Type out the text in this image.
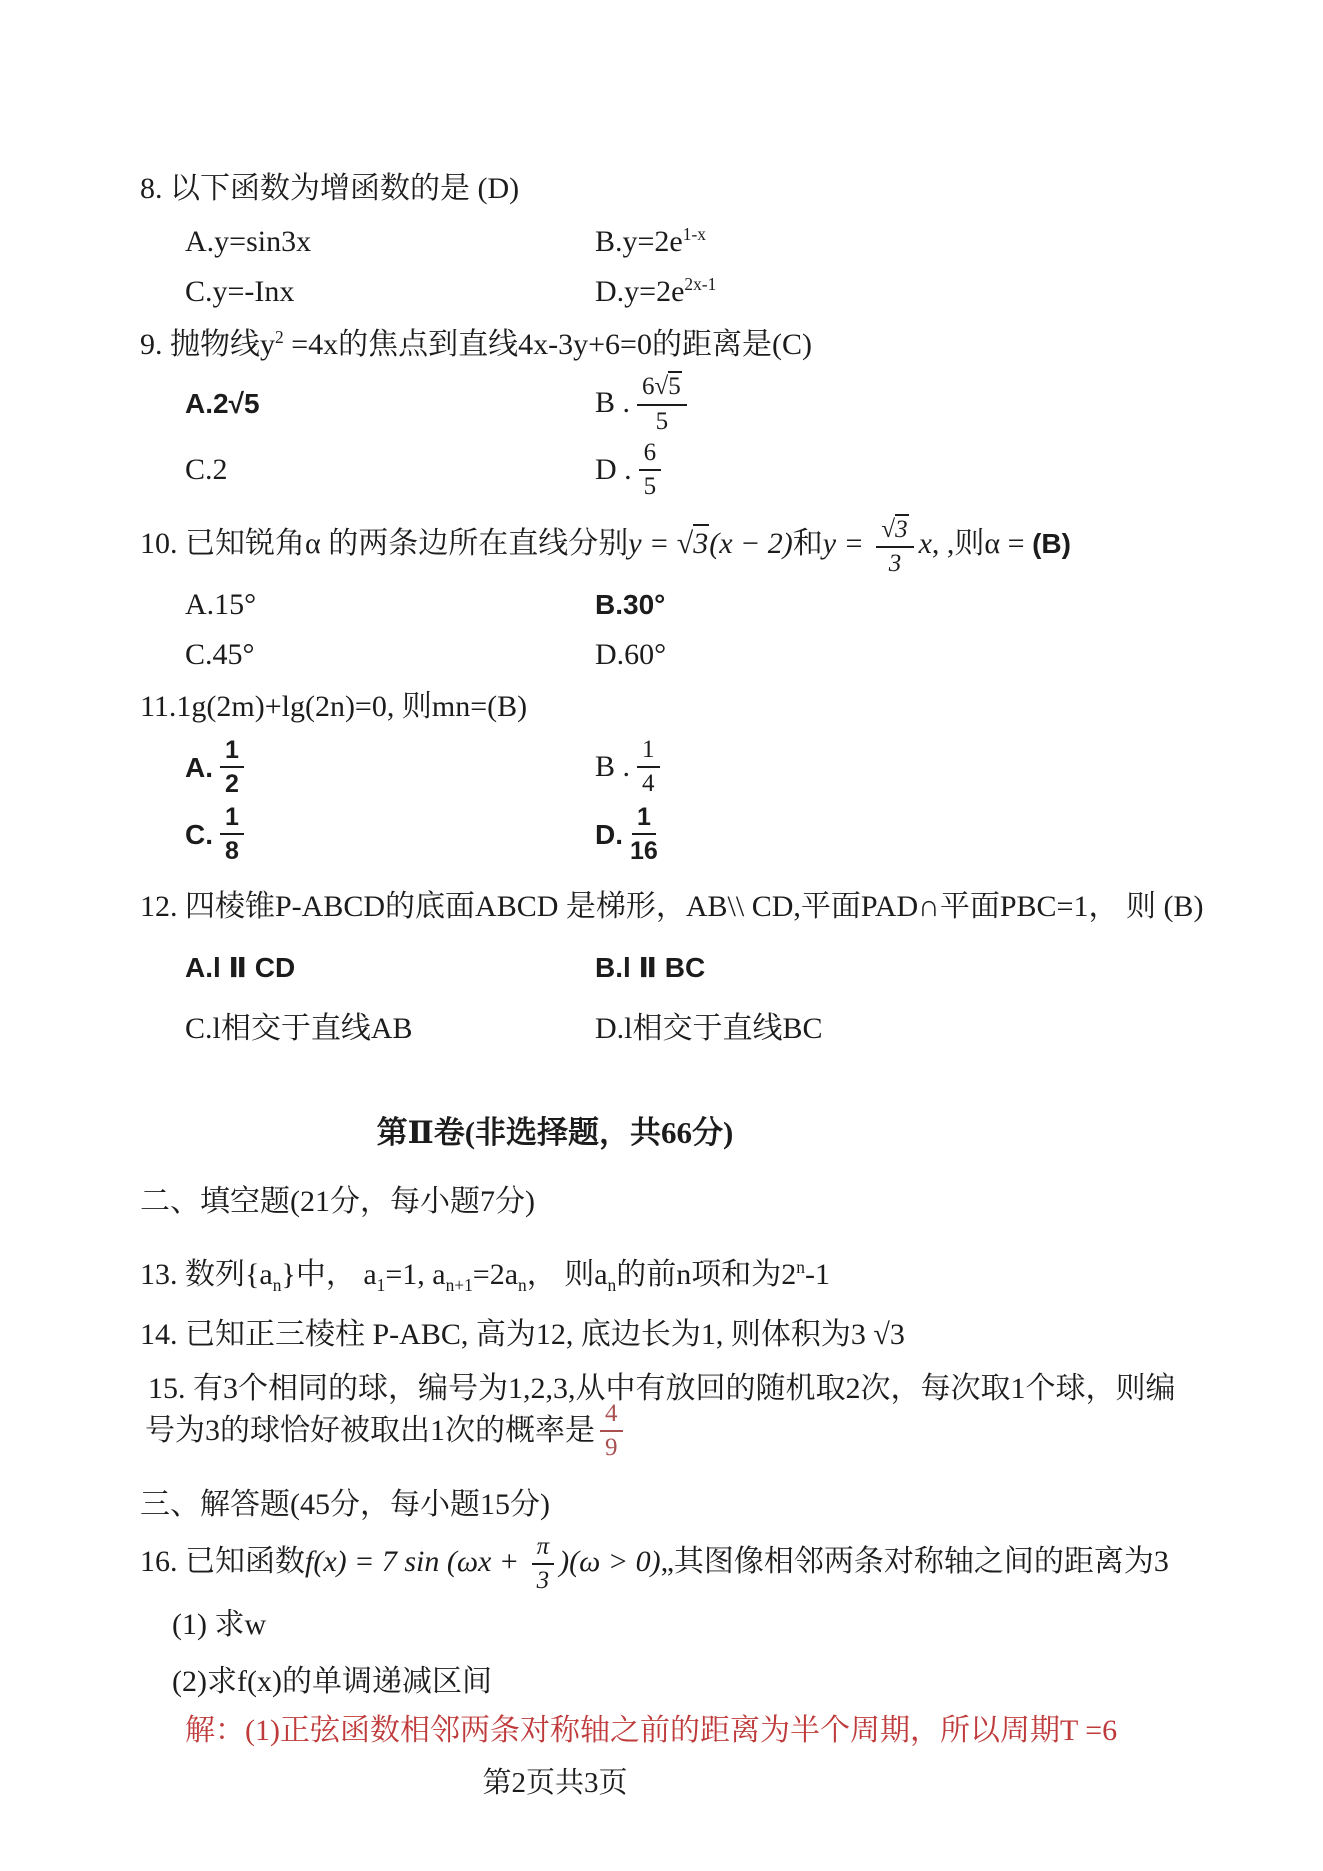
8. 以下函数为增函数的是 (D)
A.y=sin3x	$B.y=2e^{1-x}$
C.y=-Inx	$D.y=2e^{2x-1}$
9. 抛物线$y^2 =4x$的焦点到直线4x-3y+6=0的距离是(C)
A.2√5	B . $\frac{6√ 5}{5}$
C.2	D . $\frac{6}{5}$
10. 已知锐角α 的两条边所在直线分别y = √3(x − 2)和$y = \frac{√ 3}{3} x$, ,则α = (B)
A.15°	B.30°
C.45°	D.60°
11.1g(2m)+lg(2n)=0, 则mn=(B)
A. $\frac{1}{2}$	B . $\frac{1}{4}$
C. $\frac{1}{8}$	D. $\frac{1}{16}$
12. 四棱锥P-ABCD的底面ABCD 是梯形，AB\\ CD,平面PAD∩平面PBC=1， 则 (B)
A.l Ⅱ CD	B.l Ⅱ BC
C.l相交于直线AB	D.l相交于直线BC
第Ⅱ卷(非选择题，共66分)
二、填空题(21分，每小题7分)
13. 数列$\{a_n\}$中， $a_1=1$, $a_{n+1}=2a_n$， 则$a_n$的前n项和为2$^n$-1
14. 已知正三棱柱 P-ABC, 高为12, 底边长为1, 则体积为3 √3
15. 有3个相同的球，编号为1,2,3,从中有放回的随机取2次，每次取1个球，则编
号为3的球恰好被取出1次的概率是 $\frac{4}{9}$
三、解答题(45分，每小题15分)
16. 已知函数f(x) = 7 $\sin (\omega x + \frac{\pi}{3} )(\omega$ > 0)„其图像相邻两条对称轴之间的距离为3
(1) 求w
(2)求f(x)的单调递减区间
解：(1)正弦函数相邻两条对称轴之前的距离为半个周期，所以周期T =6
第2页共3页
